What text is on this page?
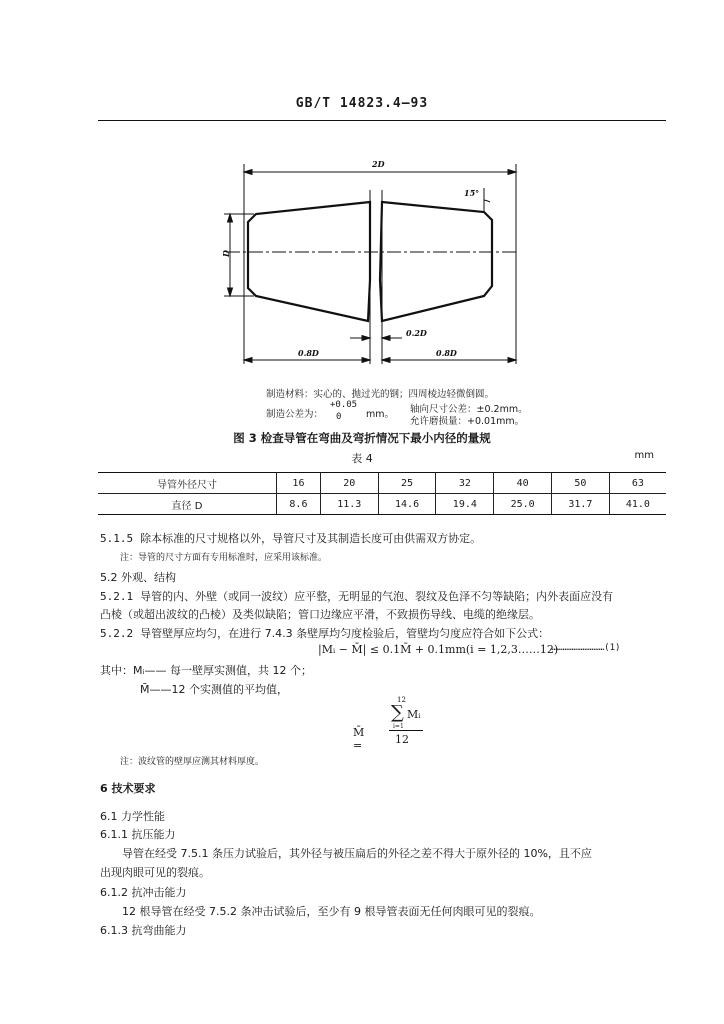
GB/T 14823.4—93
2D
D
15°
0.2D
0.8D	0.8D
制造材料：实心的、抛过光的钢；四周棱边轻微倒圆。
制造公差为：
+0.05
0	mm。 轴向尺寸公差：±0.2mm。
允许磨损量：+0.01mm。
图 3 检查导管在弯曲及弯折情况下最小内径的量规
表 4	mm
导管外径尺寸	16	20	25	32	40	50	63
直径 D	8.6	11.3	14.6	19.4	25.0	31.7	41.0
5.1.5 除本标准的尺寸规格以外，导管尺寸及其制造长度可由供需双方协定。
注：导管的尺寸方面有专用标准时，应采用该标准。
5.2 外观、结构
5.2.1 导管的内、外壁（或同一波纹）应平整，无明显的气泡、裂纹及色泽不匀等缺陷；内外表面应没有
凸棱（或超出波纹的凸棱）及类似缺陷；管口边缘应平滑，不致损伤导线、电缆的绝缘层。
5.2.2 导管壁厚应均匀，在进行 7.4.3 条壁厚均匀度检验后，管壁均匀度应符合如下公式：
|Mᵢ − M̄| ≤ 0.1M̄ + 0.1mm(i = 1,2,3……12)
…………………………(1)
其中：Mᵢ—— 每一壁厚实测值，共 12 个；
M̄——12 个实测值的平均值，
M̄ =
12
∑ Mᵢ
i=1
12
注：波纹管的壁厚应测其材料厚度。
6 技术要求
6.1 力学性能
6.1.1 抗压能力
导管在经受 7.5.1 条压力试验后，其外径与被压扁后的外径之差不得大于原外径的 10%，且不应
出现肉眼可见的裂痕。
6.1.2 抗冲击能力
12 根导管在经受 7.5.2 条冲击试验后，至少有 9 根导管表面无任何肉眼可见的裂痕。
6.1.3 抗弯曲能力
